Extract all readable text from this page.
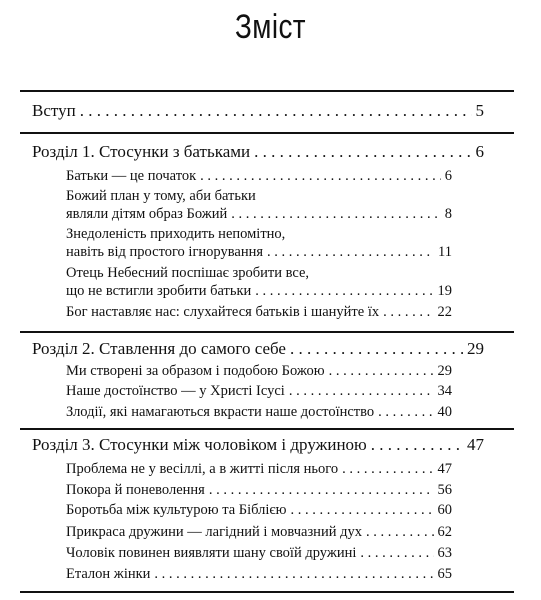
Зміст
Вступ . . .	5
Розділ 1. Стосунки з батьками . . .	6
Батьки — це початок . . .	6
Божий план у тому, аби батьки
являли дітям образ Божий . . .	8
Знедоленість приходить непомітно,
навіть від простого ігнорування . . .	11
Отець Небесний поспішає зробити все,
що не встигли зробити батьки . . .	19
Бог наставляє нас: слухайтеся батьків і шануйте їх . . .	22
Розділ 2. Ставлення до самого себе . . .	29
Ми створені за образом і подобою Божою . . .	29
Наше достоїнство — у Христі Ісусі . . .	34
Злодії, які намагаються вкрасти наше достоїнство . . .	40
Розділ 3. Стосунки між чоловіком і дружиною . . .	47
Проблема не у весіллі, а в житті після нього . . .	47
Покора й поневолення . . .	56
Боротьба між культурою та Біблією . . .	60
Прикраса дружини — лагідний і мовчазний дух . . .	62
Чоловік повинен виявляти шану своїй дружині . . .	63
Еталон жінки . . .	65
